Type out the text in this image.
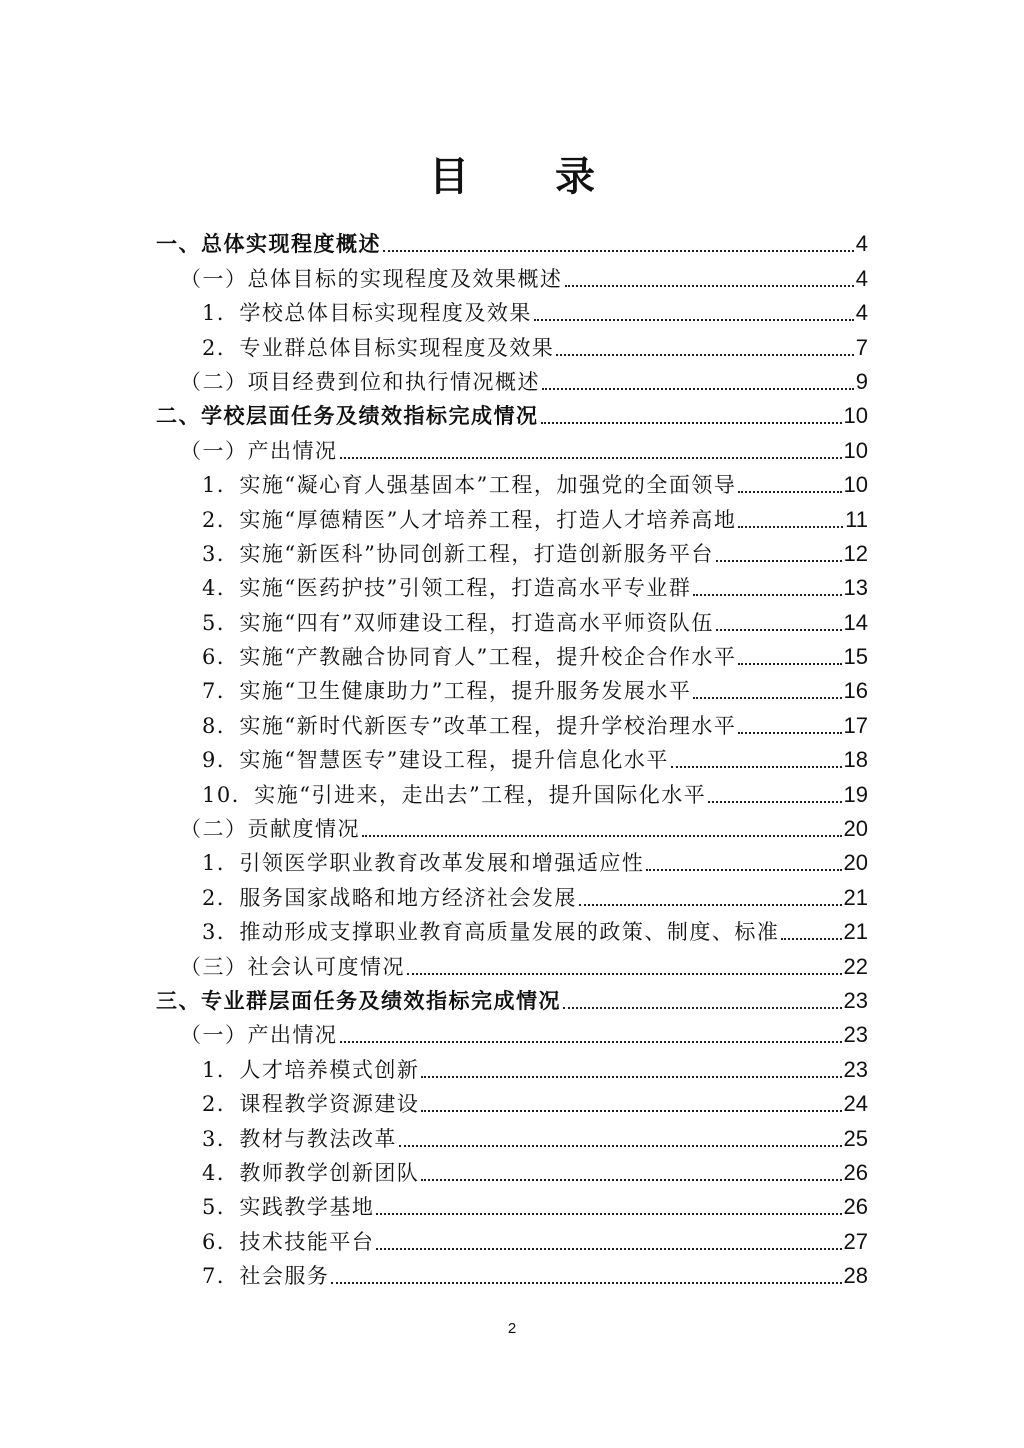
目 录
一、总体实现程度概述	4
（一）总体目标的实现程度及效果概述	4
1．学校总体目标实现程度及效果	4
2．专业群总体目标实现程度及效果	7
（二）项目经费到位和执行情况概述	9
二、学校层面任务及绩效指标完成情况	10
（一）产出情况	10
1．实施“凝心育人强基固本”工程，加强党的全面领导	10
2．实施“厚德精医”人才培养工程，打造人才培养高地	11
3．实施“新医科”协同创新工程，打造创新服务平台	12
4．实施“医药护技”引领工程，打造高水平专业群	13
5．实施“四有”双师建设工程，打造高水平师资队伍	14
6．实施“产教融合协同育人”工程，提升校企合作水平	15
7．实施“卫生健康助力”工程，提升服务发展水平	16
8．实施“新时代新医专”改革工程，提升学校治理水平	17
9．实施“智慧医专”建设工程，提升信息化水平	18
10．实施“引进来，走出去”工程，提升国际化水平	19
（二）贡献度情况	20
1．引领医学职业教育改革发展和增强适应性	20
2．服务国家战略和地方经济社会发展	21
3．推动形成支撑职业教育高质量发展的政策、制度、标准	21
（三）社会认可度情况	22
三、专业群层面任务及绩效指标完成情况	23
（一）产出情况	23
1．人才培养模式创新	23
2．课程教学资源建设	24
3．教材与教法改革	25
4．教师教学创新团队	26
5．实践教学基地	26
6．技术技能平台	27
7．社会服务	28
2
